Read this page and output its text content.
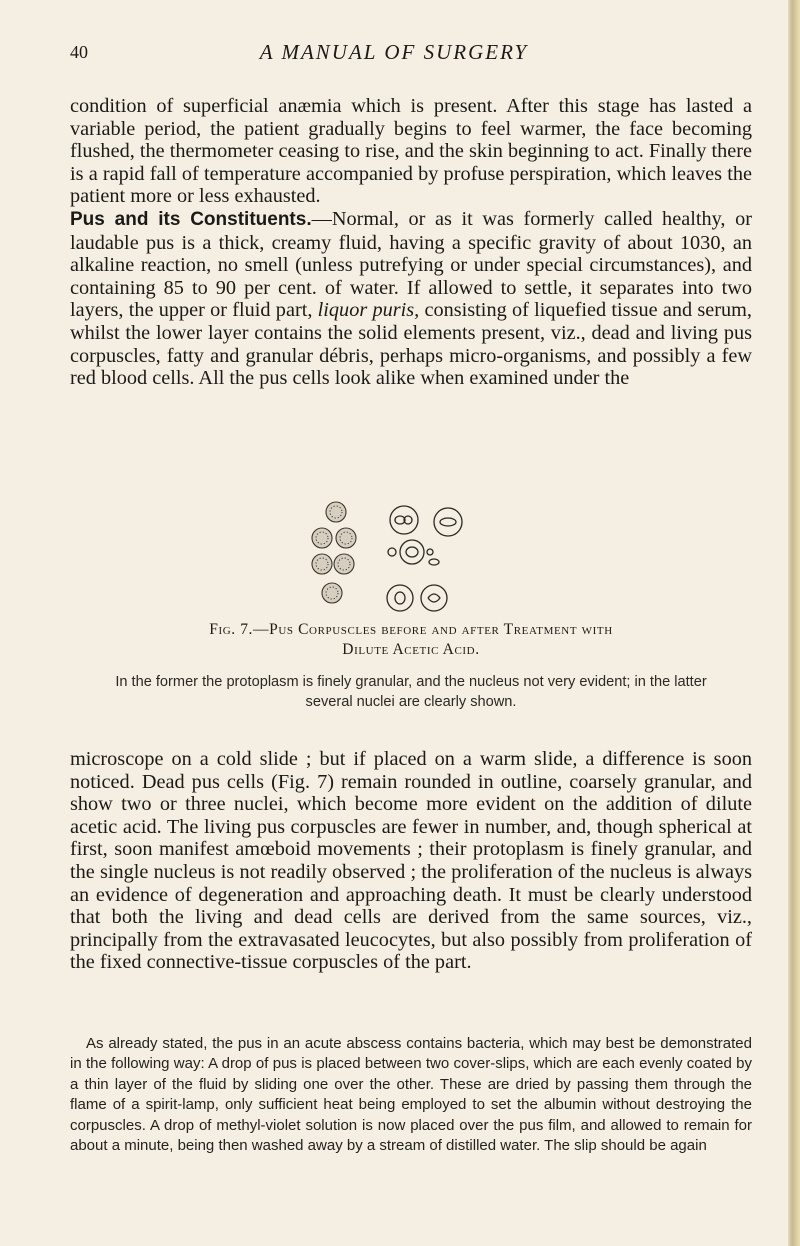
40	A MANUAL OF SURGERY

condition of superficial anæmia which is present. After this stage has lasted a variable period, the patient gradually begins to feel warmer, the face becoming flushed, the thermometer ceasing to rise, and the skin beginning to act. Finally there is a rapid fall of temperature accompanied by profuse perspiration, which leaves the patient more or less exhausted.

Pus and its Constituents.—Normal, or as it was formerly called healthy, or laudable pus is a thick, creamy fluid, having a specific gravity of about 1030, an alkaline reaction, no smell (unless putrefying or under special circumstances), and containing 85 to 90 per cent. of water. If allowed to settle, it separates into two layers, the upper or fluid part, liquor puris, consisting of liquefied tissue and serum, whilst the lower layer contains the solid elements present, viz., dead and living pus corpuscles, fatty and granular débris, perhaps micro-organisms, and possibly a few red blood cells. All the pus cells look alike when examined under the

Fig. 7.—Pus Corpuscles before and after Treatment with
Dilute Acetic Acid.
In the former the protoplasm is finely granular, and the nucleus not very evident; in the latter several nuclei are clearly shown.

microscope on a cold slide ; but if placed on a warm slide, a difference is soon noticed. Dead pus cells (Fig. 7) remain rounded in outline, coarsely granular, and show two or three nuclei, which become more evident on the addition of dilute acetic acid. The living pus corpuscles are fewer in number, and, though spherical at first, soon manifest amœboid movements ; their protoplasm is finely granular, and the single nucleus is not readily observed ; the proliferation of the nucleus is always an evidence of degeneration and approaching death. It must be clearly understood that both the living and dead cells are derived from the same sources, viz., principally from the extravasated leucocytes, but also possibly from proliferation of the fixed connective-tissue corpuscles of the part.

As already stated, the pus in an acute abscess contains bacteria, which may best be demonstrated in the following way: A drop of pus is placed between two cover-slips, which are each evenly coated by a thin layer of the fluid by sliding one over the other. These are dried by passing them through the flame of a spirit-lamp, only sufficient heat being employed to set the albumin without destroying the corpuscles. A drop of methyl-violet solution is now placed over the pus film, and allowed to remain for about a minute, being then washed away by a stream of distilled water. The slip should be again
